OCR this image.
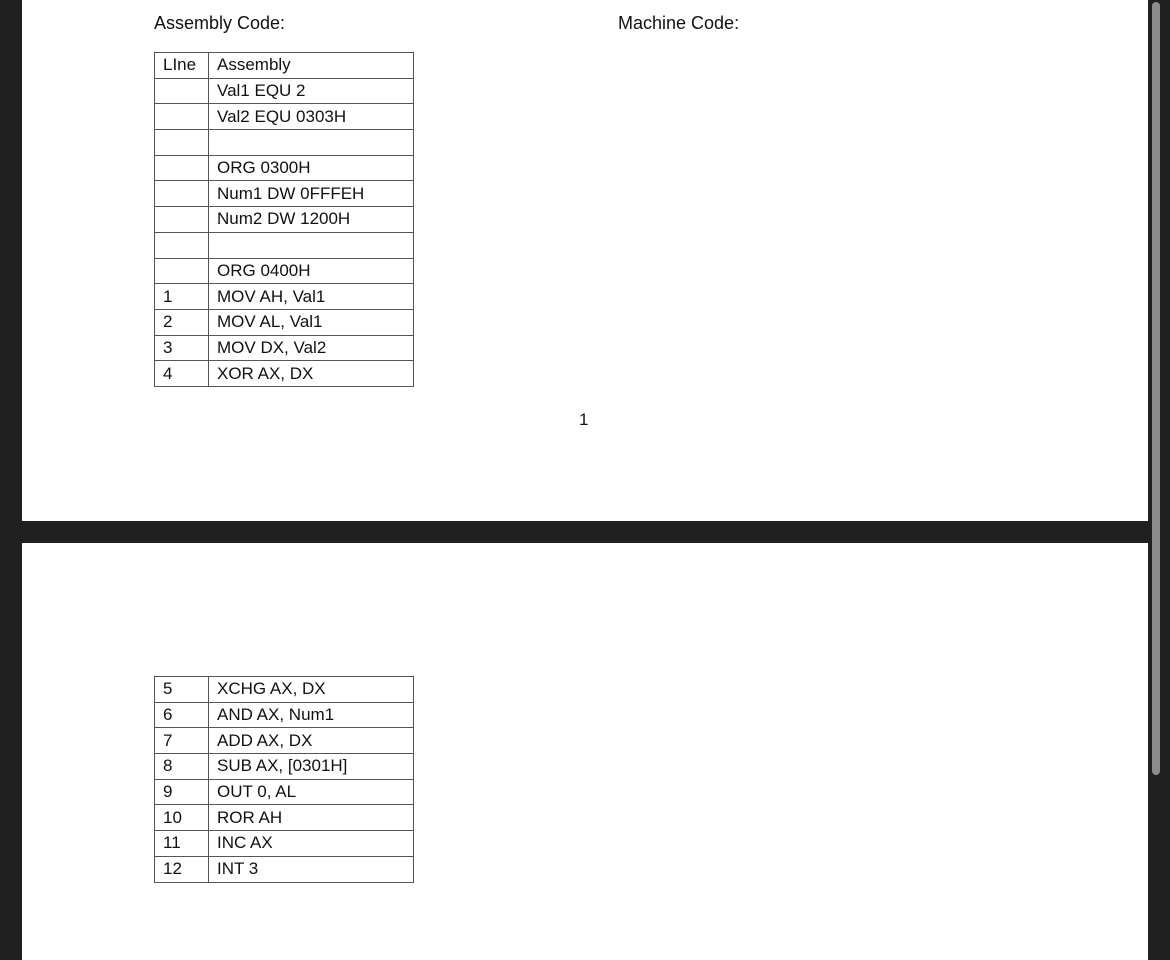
Assembly Code:	Machine Code:
LIne	Assembly
	Val1 EQU 2
	Val2 EQU 0303H

	ORG 0300H
	Num1 DW 0FFFEH
	Num2 DW 1200H

	ORG 0400H
1	MOV AH, Val1
2	MOV AL, Val1
3	MOV DX, Val2
4	XOR AX, DX
1
5	XCHG AX, DX
6	AND AX, Num1
7	ADD AX, DX
8	SUB AX, [0301H]
9	OUT 0, AL
10	ROR AH
11	INC AX
12	INT 3
